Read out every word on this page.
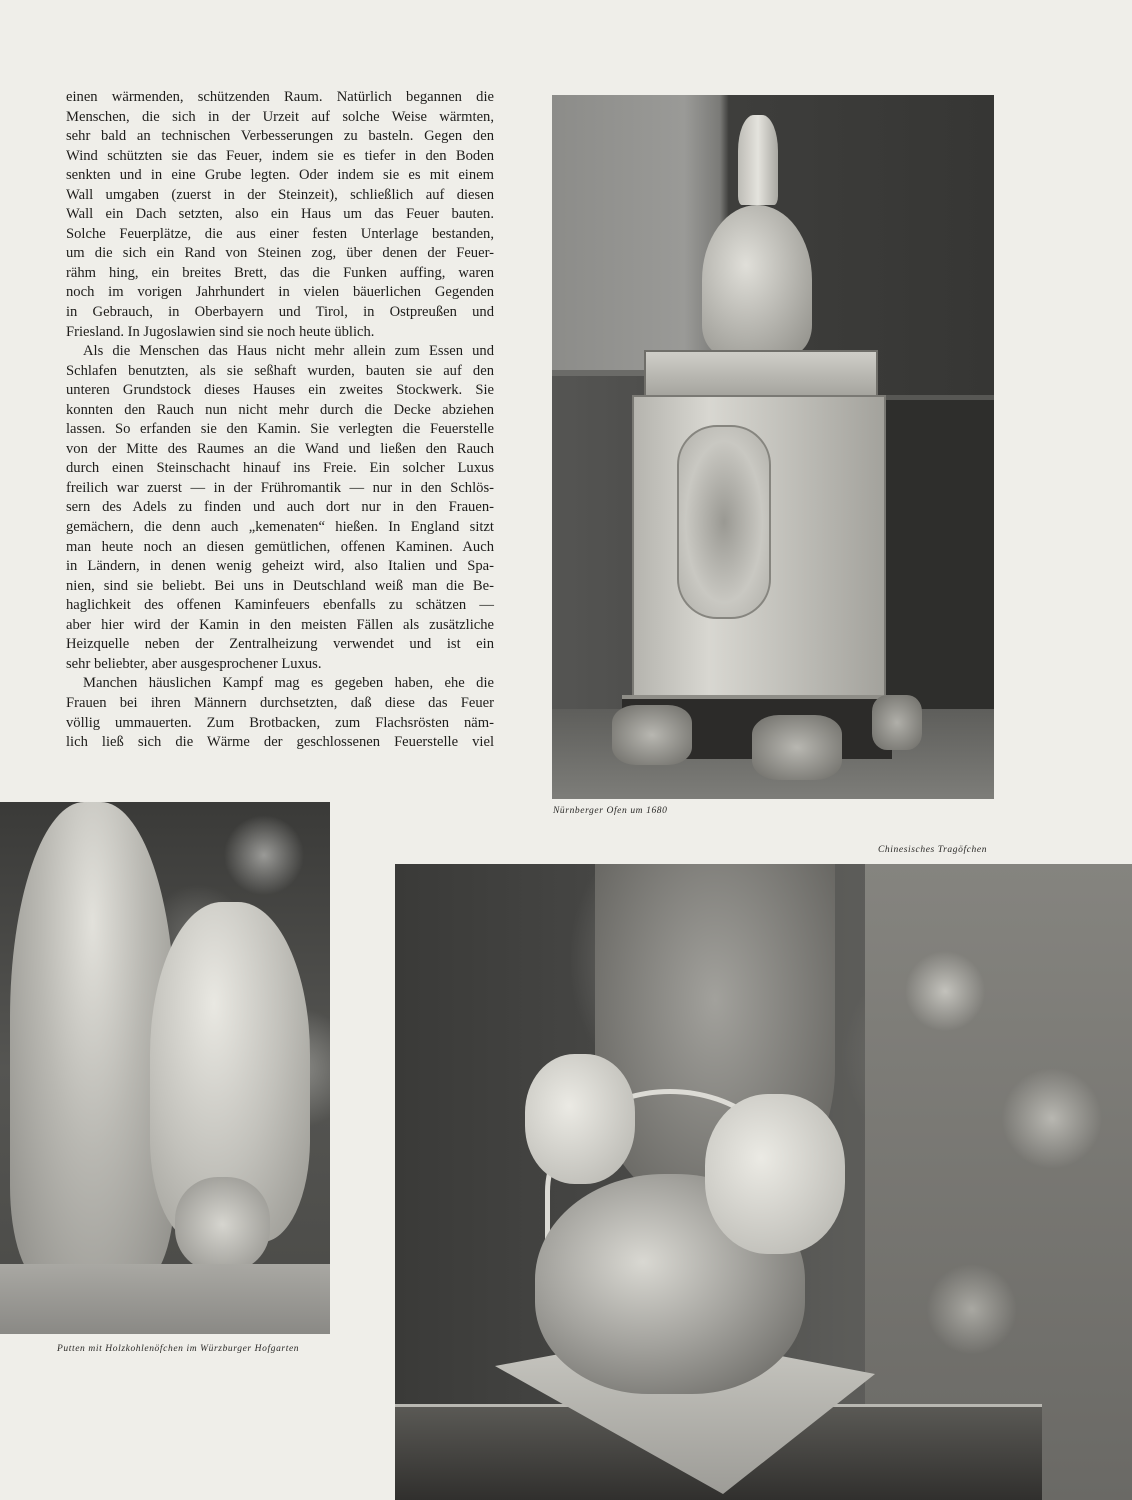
einen wärmenden, schützenden Raum. Natürlich begannen die
Menschen, die sich in der Urzeit auf solche Weise wärmten,
sehr bald an technischen Verbesserungen zu basteln. Gegen den
Wind schützten sie das Feuer, indem sie es tiefer in den Boden
senkten und in eine Grube legten. Oder indem sie es mit einem
Wall umgaben (zuerst in der Steinzeit), schließlich auf diesen
Wall ein Dach setzten, also ein Haus um das Feuer bauten.
Solche Feuerplätze, die aus einer festen Unterlage bestanden,
um die sich ein Rand von Steinen zog, über denen der Feuer-
rähm hing, ein breites Brett, das die Funken auffing, waren
noch im vorigen Jahrhundert in vielen bäuerlichen Gegenden
in Gebrauch, in Oberbayern und Tirol, in Ostpreußen und
Friesland. In Jugoslawien sind sie noch heute üblich.
Als die Menschen das Haus nicht mehr allein zum Essen und
Schlafen benutzten, als sie seßhaft wurden, bauten sie auf den
unteren Grundstock dieses Hauses ein zweites Stockwerk. Sie
konnten den Rauch nun nicht mehr durch die Decke abziehen
lassen. So erfanden sie den Kamin. Sie verlegten die Feuerstelle
von der Mitte des Raumes an die Wand und ließen den Rauch
durch einen Steinschacht hinauf ins Freie. Ein solcher Luxus
freilich war zuerst — in der Frühromantik — nur in den Schlös-
sern des Adels zu finden und auch dort nur in den Frauen-
gemächern, die denn auch „kemenaten“ hießen. In England sitzt
man heute noch an diesen gemütlichen, offenen Kaminen. Auch
in Ländern, in denen wenig geheizt wird, also Italien und Spa-
nien, sind sie beliebt. Bei uns in Deutschland weiß man die Be-
haglichkeit des offenen Kaminfeuers ebenfalls zu schätzen —
aber hier wird der Kamin in den meisten Fällen als zusätzliche
Heizquelle neben der Zentralheizung verwendet und ist ein
sehr beliebter, aber ausgesprochener Luxus.
Manchen häuslichen Kampf mag es gegeben haben, ehe die
Frauen bei ihren Männern durchsetzten, daß diese das Feuer
völlig ummauerten. Zum Brotbacken, zum Flachsrösten näm-
lich ließ sich die Wärme der geschlossenen Feuerstelle viel
Nürnberger Ofen um 1680
Chinesisches Tragöfchen
Putten mit Holzkohlenöfchen im Würzburger Hofgarten
